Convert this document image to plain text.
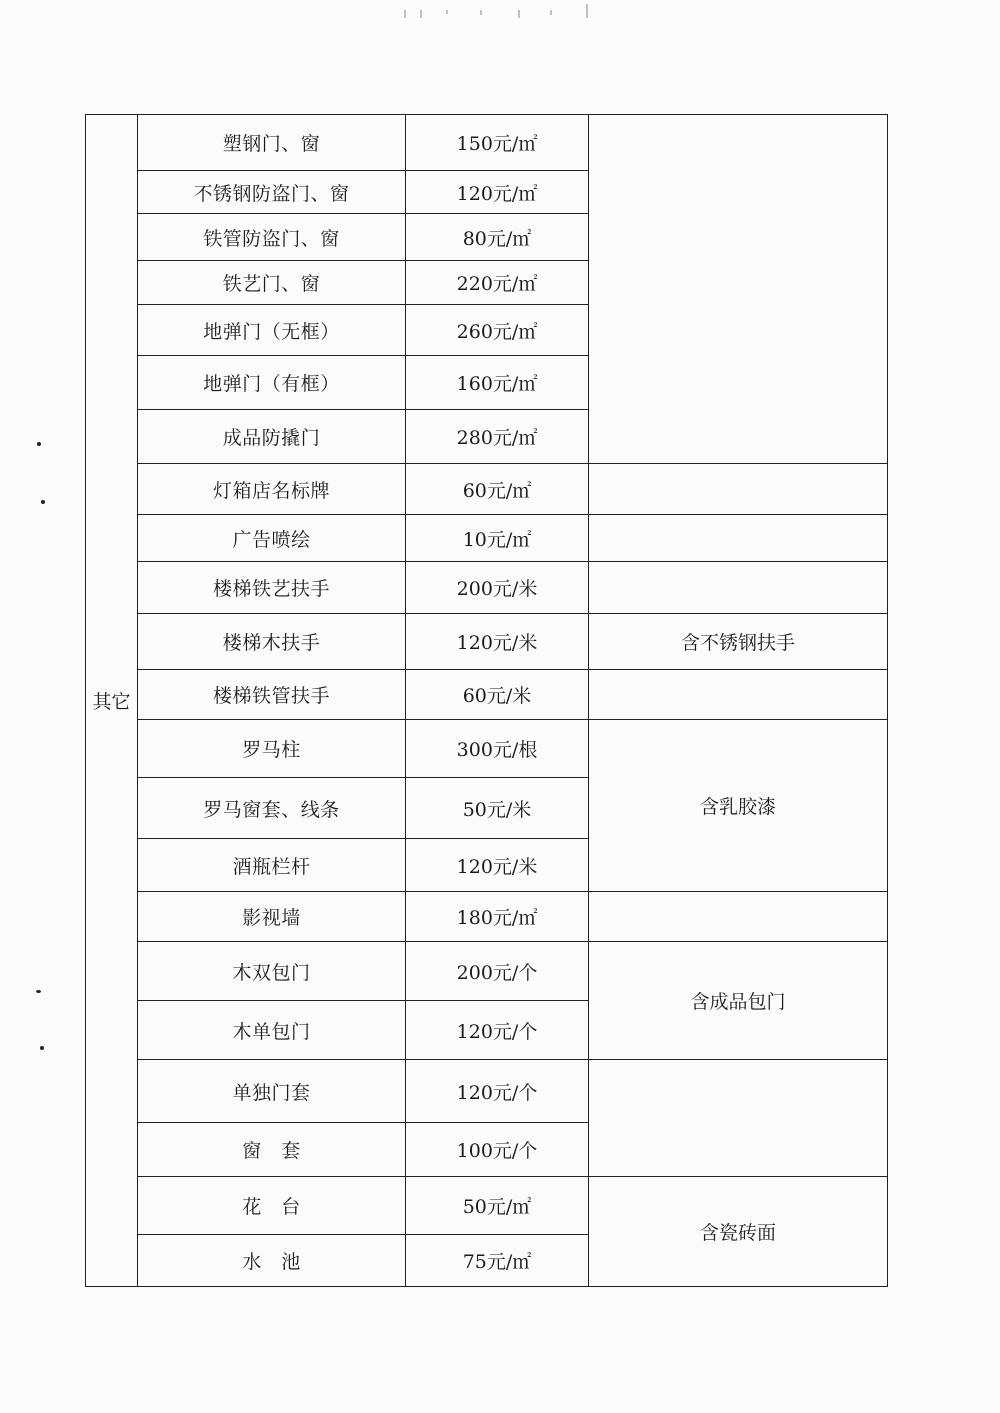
其它	塑钢门、窗	150元/㎡	
	不锈钢防盗门、窗	120元/㎡	
	铁管防盗门、窗	80元/㎡	
	铁艺门、窗	220元/㎡	
	地弹门（无框）	260元/㎡	
	地弹门（有框）	160元/㎡	
	成品防撬门	280元/㎡	
	灯箱店名标牌	60元/㎡	
	广告喷绘	10元/㎡	
	楼梯铁艺扶手	200元/米	
	楼梯木扶手	120元/米	含不锈钢扶手
	楼梯铁管扶手	60元/米	
	罗马柱	300元/根	含乳胶漆
	罗马窗套、线条	50元/米	
	酒瓶栏杆	120元/米	
	影视墙	180元/㎡	
	木双包门	200元/个	含成品包门
	木单包门	120元/个	
	单独门套	120元/个	
	窗　套	100元/个	
	花　台	50元/㎡	含瓷砖面
	水　池	75元/㎡	
